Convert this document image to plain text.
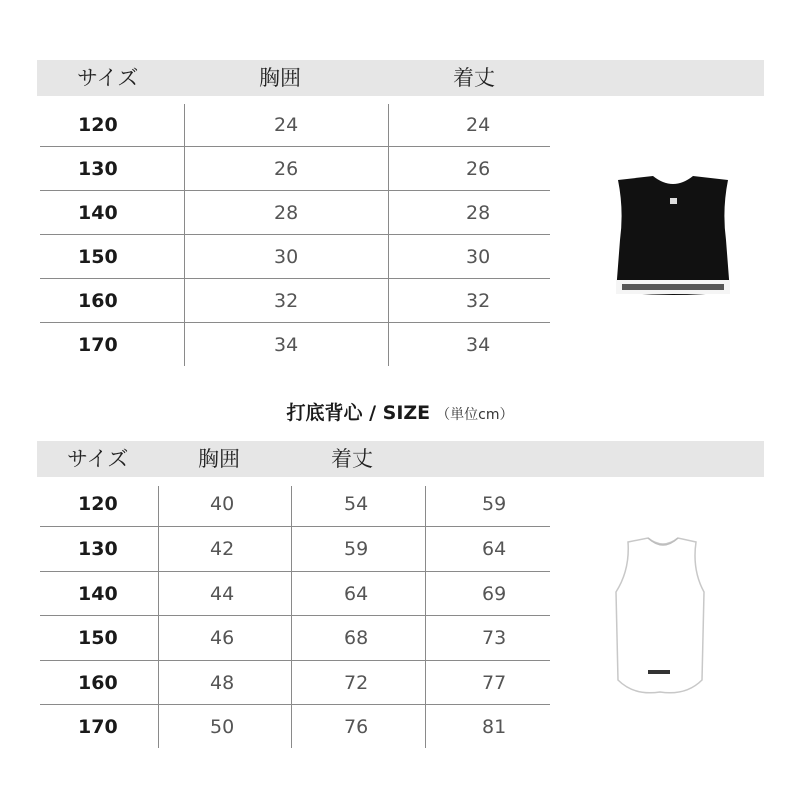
サイズ	胸囲	着丈
120	24	24
130	26	26
140	28	28
150	30	30
160	32	32
170	34	34
打底背心 / SIZE （単位cm）
サイズ	胸囲	着丈
120	40	54	59
130	42	59	64
140	44	64	69
150	46	68	73
160	48	72	77
170	50	76	81
